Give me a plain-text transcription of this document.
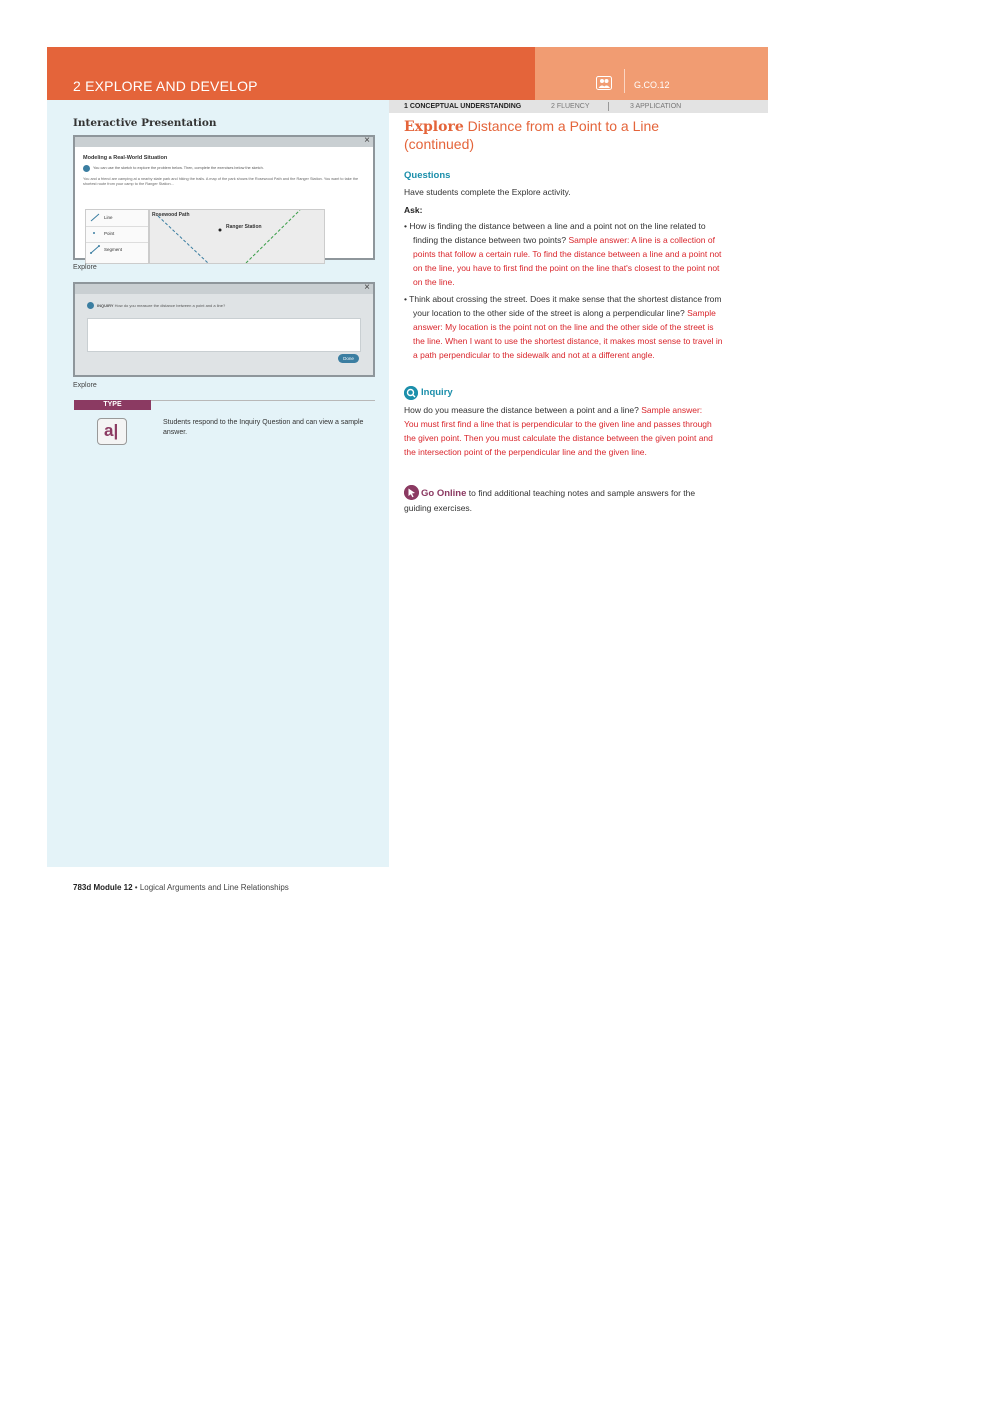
2 EXPLORE AND DEVELOP	G.CO.12
1 CONCEPTUAL UNDERSTANDING	2 FLUENCY	3 APPLICATION
Interactive Presentation
×
Modeling a Real-World Situation
You can use the sketch to explore the problem below. Then, complete the exercises below the sketch.
You and a friend are camping at a nearby state park and hiking the trails. A map of the park shows the Rosewood Path and the Ranger Station. You want to take the shortest route from your camp to the Ranger Station...
Line
Point
Segment
Rosewood Path
Ranger Station
Explore
×
INQUIRY How do you measure the distance between a point and a line?
Done
Explore
TYPE
a|	Students respond to the Inquiry Question and can view a sample answer.
783d Module 12 • Logical Arguments and Line Relationships
Explore Distance from a Point to a Line
(continued)
Questions
Have students complete the Explore activity.
Ask:
• How is finding the distance between a line and a point not on the line related to finding the distance between two points? Sample answer: A line is a collection of points that follow a certain rule. To find the distance between a line and a point not on the line, you have to first find the point on the line that's closest to the point not on the line.
• Think about crossing the street. Does it make sense that the shortest distance from your location to the other side of the street is along a perpendicular line? Sample answer: My location is the point not on the line and the other side of the street is the line. When I want to use the shortest distance, it makes most sense to travel in a path perpendicular to the sidewalk and not at a different angle.
Inquiry
How do you measure the distance between a point and a line? Sample answer: You must first find a line that is perpendicular to the given line and passes through the given point. Then you must calculate the distance between the given point and the intersection point of the perpendicular line and the given line.
Go Online to find additional teaching notes and sample answers for the guiding exercises.
